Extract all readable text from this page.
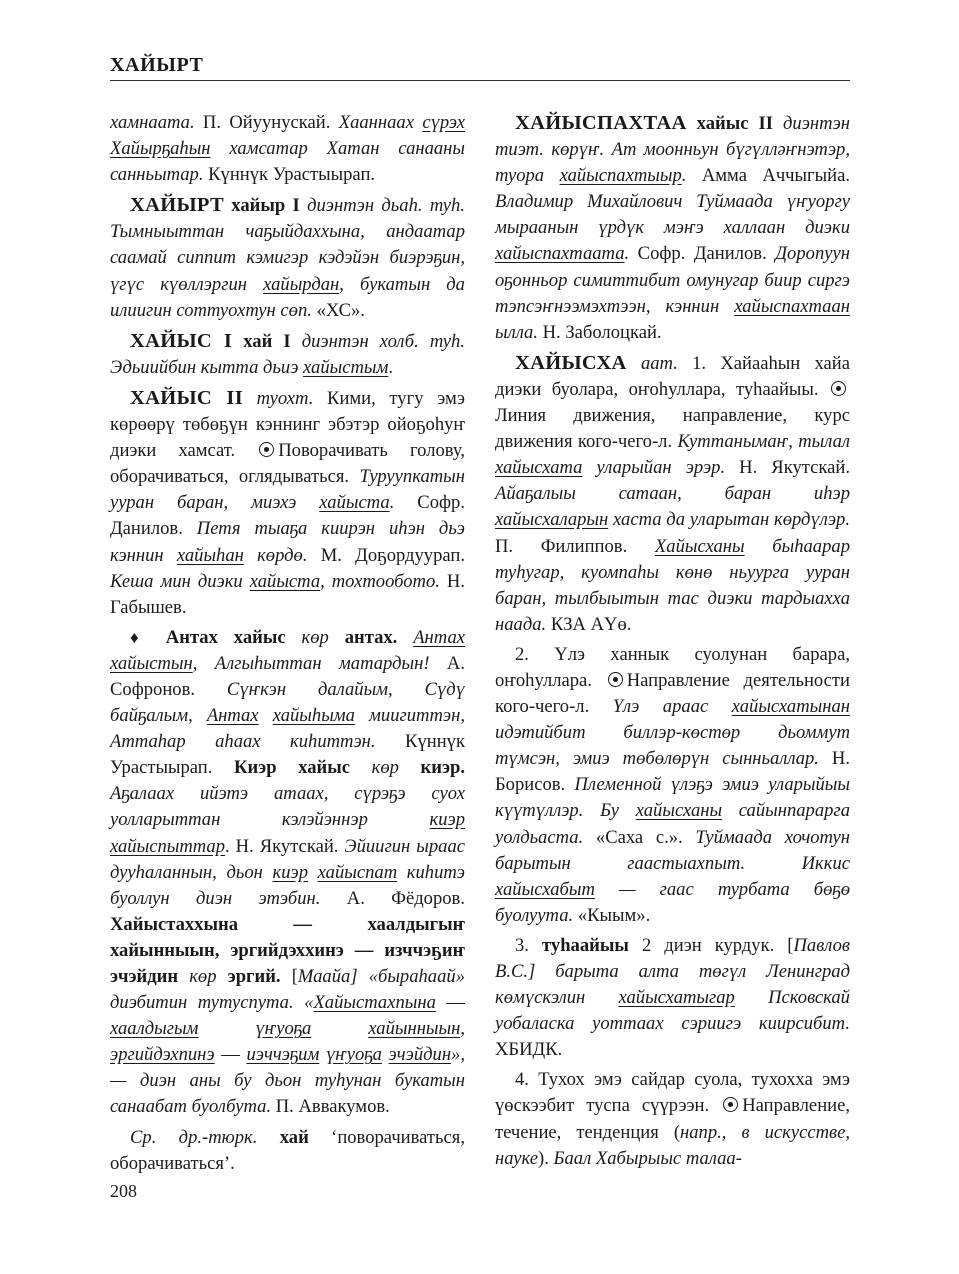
ХАЙЫРТ

хамнаата. П. Ойуунускай. Хааннаах сүрэх Хайырҕаһын хамсатар Хатан санааны санньытар. Күннүк Урастыырап.

ХАЙЫРТ хайыр I диэнтэн дьаһ. туһ. Тымныыттан чаҕыйдаххына, андаатар саамай сиппит кэмигэр кэдэйэн биэрэҕин, үгүс күөллэргин хайырдан, букатын да илиигин соттуохтун сөп. «ХС».

ХАЙЫС I хай I диэнтэн холб. туһ. Эдьиийбин кытта дьиэ хайыстым.

ХАЙЫС II туохт. Кими, тугу эмэ көрөөрү төбөҕүн кэннинг эбэтэр ойоҕоһуҥ диэки хамсат. Поворачивать голову, оборачиваться, оглядываться. Туруупкатын ууран баран, миэхэ хайыста. Софр. Данилов. Петя тыаҕа киирэн иһэн дьэ кэннин хайыһан көрдө. М. Доҕордуурап. Кеша мин диэки хайыста, тохтообото. Н. Габышев.

♦ Антах хайыс көр антах. Антах хайыстын, Алгыһыттан матардын! А. Софронов. Сүҥкэн далайым, Сүдү байҕалым, Антах хайыһыма миигиттэн, Аттаһар аһаах киһиттэн. Күннүк Урастыырап. Киэр хайыс көр киэр. Аҕалаах ийэтэ атаах, сүрэҕэ суох уолларыттан кэлэйэннэр киэр хайыспыттар. Н. Якутскай. Эйиигин ыраас дууһаланнын, дьон киэр хайыспат киһитэ буоллун диэн этэбин. А. Фёдоров. Хайыстаххына — хаалдыгыҥ хайынныын, эргийдэххинэ — изччэҕиҥ эчэйдин көр эргий. [Маайа] «быраһаай» диэбитин тутуспута. «Хайыстахпына — хаалдыгым	үҥуоҕа	хайынныын, эргийдэхпинэ — иэччэҕим үҥуоҕа эчэйдин», — диэн аны бу дьон туһунан букатын санаабат буолбута. П. Аввакумов.

Ср. др.-тюрк. хай ‘поворачиваться, оборачиваться’.

ХАЙЫСПАХТАА хайыс II диэнтэн тиэт. көрүҥ. Ат моонньун бүгүлләҥнэтэр, туора хайыспахтыыр. Амма Аччыгыйа. Владимир Михайлович Туймаада үҥуоргу мыраанын үрдүк мэҥэ халлаан диэки хайыспахтаата. Софр. Данилов. Доропуун оҕонньор симиттибит омунугар биир сиргэ тэпсэҥнээмэхтээн, кэннин хайыспахтаан ылла. Н. Заболоцкай.

ХАЙЫСХА аат. 1. Хайааһын хайа диэки буолара, оҥоһуллара, туһаайыы. Линия движения, направление, курс движения кого-чего-л. Куттанымаҥ, тылал хайысхата уларыйан эрэр. Н. Якутскай. Айаҕалыы сатаан, баран иһэр хайысхаларын хаста да уларытан көрдүлэр. П. Филиппов. Хайысханы быһаарар туһугар, куомпаһы көнө ньуурга ууран баран, тылбыытын тас диэки тардыахха наада. КЗА АҮө.

2. Үлэ ханнык суолунан барара, оҥоһуллара. Направление деятельности кого-чего-л. Үлэ араас хайысхатынан идэтийбит биллэр-көстөр дьоммут түмсэн, эмиэ төбөлөрүн сынньаллар. Н. Борисов. Племенной үлэҕэ эмиэ уларыйыы күүтүллэр. Бу хайысханы сайынпарарга уолдьаста. «Саха с.». Туймаада хочотун барытын гаастыахпыт. Иккис хайысхабыт — гаас турбата бөҕө буолуута. «Кыым».

3. туһаайыы 2 диэн курдук. [Павлов В.С.] барыта алта төгүл Ленинград көмүскэлин хайысхатыгар Псковскай уобаласка уоттаах сэриигэ киирсибит. ХБИДК.

4. Тухох эмэ сайдар суола, тухохха эмэ үөскээбит туспа сүүрээн. Направление, течение, тенденция (напр., в искусстве, науке). Баал Хабырыыс талаа-

208
